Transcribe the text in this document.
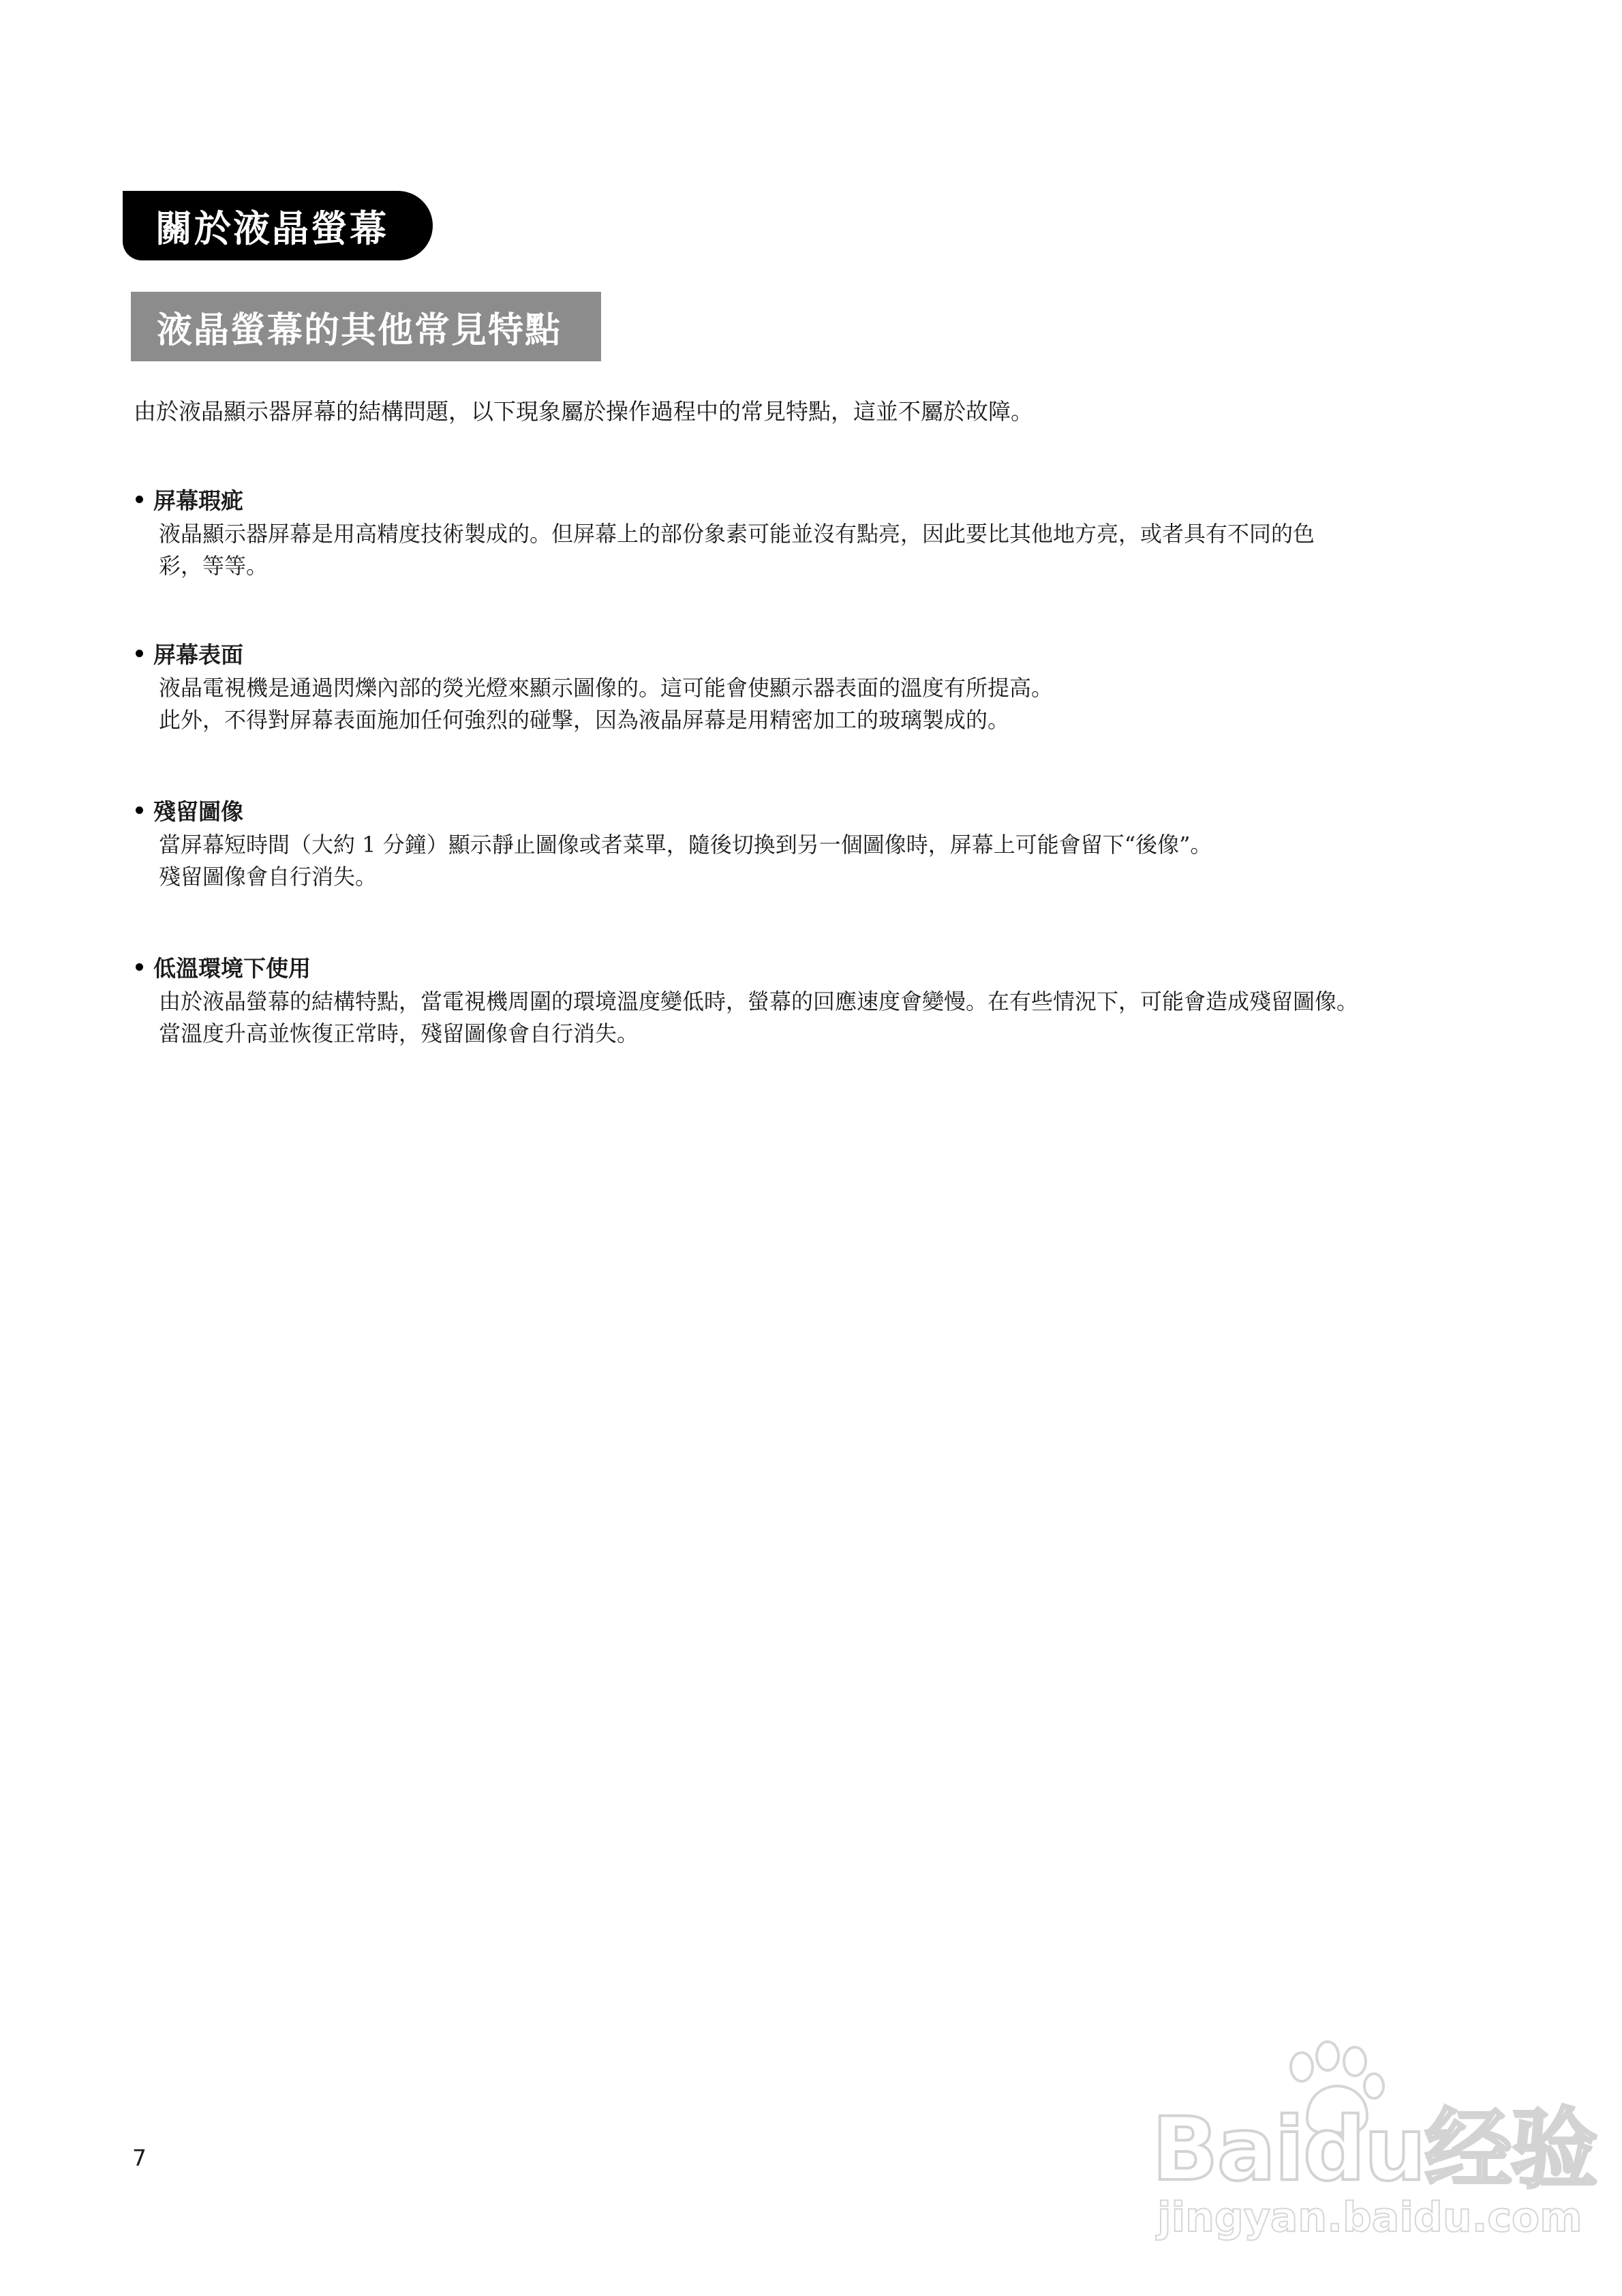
關於液晶螢幕
液晶螢幕的其他常見特點
由於液晶顯示器屏幕的結構問題，以下現象屬於操作過程中的常見特點，這並不屬於故障。
屏幕瑕疵

液晶顯示器屏幕是用高精度技術製成的。但屏幕上的部份象素可能並沒有點亮，因此要比其他地方亮，或者具有不同的色

彩，等等。

屏幕表面

液晶電視機是通過閃爍內部的熒光燈來顯示圖像的。這可能會使顯示器表面的溫度有所提高。

此外，不得對屏幕表面施加任何強烈的碰撃，因為液晶屏幕是用精密加工的玻璃製成的。

殘留圖像

當屏幕短時間（大約 1 分鐘）顯示靜止圖像或者菜單，隨後切換到另一個圖像時，屏幕上可能會留下“後像”。

殘留圖像會自行消失。

低溫環境下使用

由於液晶螢幕的結構特點，當電視機周圍的環境溫度變低時，螢幕的回應速度會變慢。在有些情況下，可能會造成殘留圖像。

當溫度升高並恢復正常時，殘留圖像會自行消失。

7	Baidu经验
jingyan.baidu.com
